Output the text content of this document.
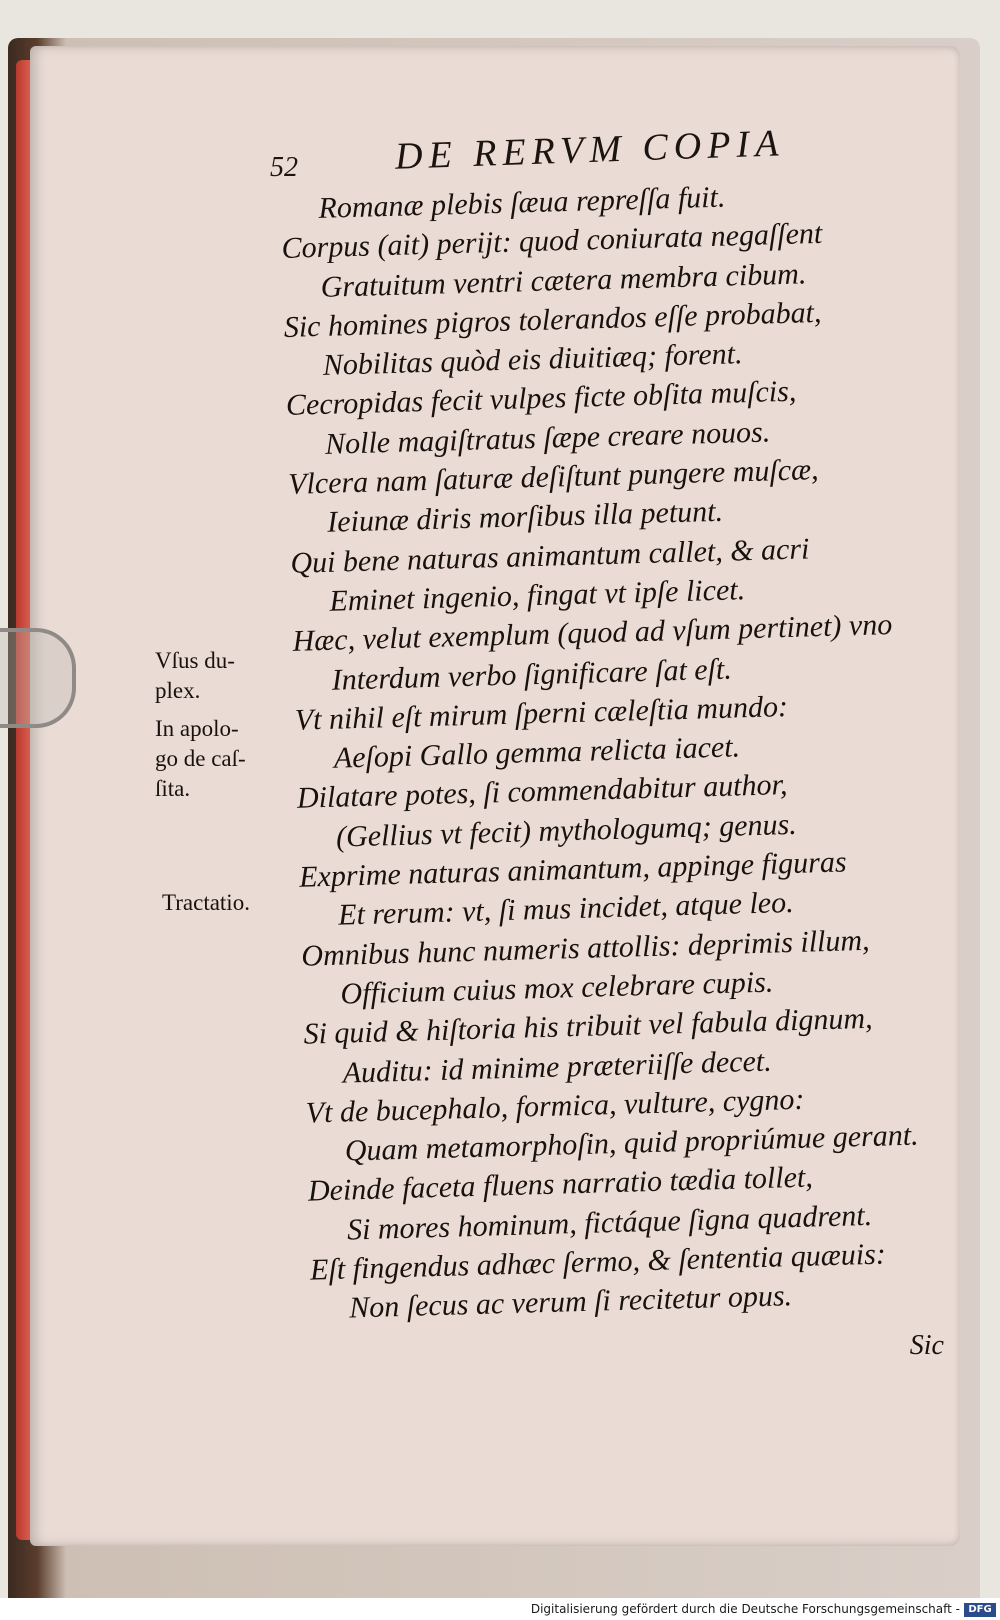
52	DE RERVM COPIA
Romanæ plebis ſæua repreſſa fuit.
Corpus (ait) perijt: quod coniurata negaſſent
Gratuitum ventri cætera membra cibum.
Sic homines pigros tolerandos eſſe probabat,
Nobilitas quòd eis diuitiæq; forent.
Cecropidas fecit vulpes ficte obſita muſcis,
Nolle magiſtratus ſæpe creare nouos.
Vlcera nam ſaturæ deſiſtunt pungere muſcæ,
Ieiunæ diris morſibus illa petunt.
Qui bene naturas animantum callet, & acri
Eminet ingenio, fingat vt ipſe licet.
Hæc, velut exemplum (quod ad vſum pertinet) vno
Interdum verbo ſignificare ſat eſt.
Vt nihil eſt mirum ſperni cæleſtia mundo:
Aeſopi Gallo gemma relicta iacet.
Dilatare potes, ſi commendabitur author,
(Gellius vt fecit) mythologumq; genus.
Exprime naturas animantum, appinge figuras
Et rerum: vt, ſi mus incidet, atque leo.
Omnibus hunc numeris attollis: deprimis illum,
Officium cuius mox celebrare cupis.
Si quid & hiſtoria his tribuit vel fabula dignum,
Auditu: id minime præteriiſſe decet.
Vt de bucephalo, formica, vulture, cygno:
Quam metamorphoſin, quid propriúmue gerant.
Deinde faceta fluens narratio tædia tollet,
Si mores hominum, fictáque ſigna quadrent.
Eſt fingendus adhæc ſermo, & ſententia quæuis:
Non ſecus ac verum ſi recitetur opus.
Vſus du-
plex.
In apolo-
go de caſ-
ſita.
Tractatio.
Sic
Digitalisierung gefördert durch die Deutsche Forschungsgemeinschaft - DFG
